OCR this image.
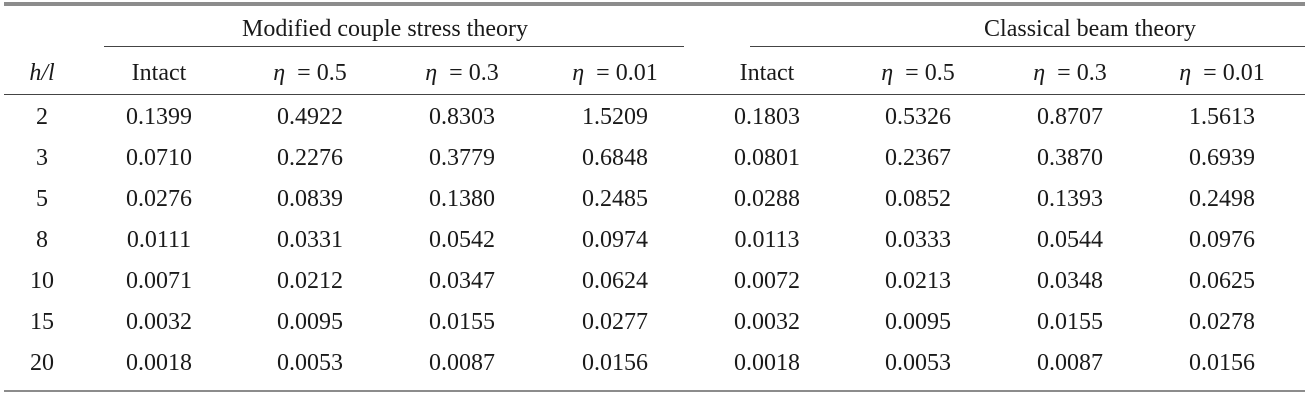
Modified couple stress theory	Classical beam theory
h/l	Intact	η = 0.5	η = 0.3	η = 0.01	Intact	η = 0.5	η = 0.3	η = 0.01
2	0.1399	0.4922	0.8303	1.5209	0.1803	0.5326	0.8707	1.5613
3	0.0710	0.2276	0.3779	0.6848	0.0801	0.2367	0.3870	0.6939
5	0.0276	0.0839	0.1380	0.2485	0.0288	0.0852	0.1393	0.2498
8	0.0111	0.0331	0.0542	0.0974	0.0113	0.0333	0.0544	0.0976
10	0.0071	0.0212	0.0347	0.0624	0.0072	0.0213	0.0348	0.0625
15	0.0032	0.0095	0.0155	0.0277	0.0032	0.0095	0.0155	0.0278
20	0.0018	0.0053	0.0087	0.0156	0.0018	0.0053	0.0087	0.0156
